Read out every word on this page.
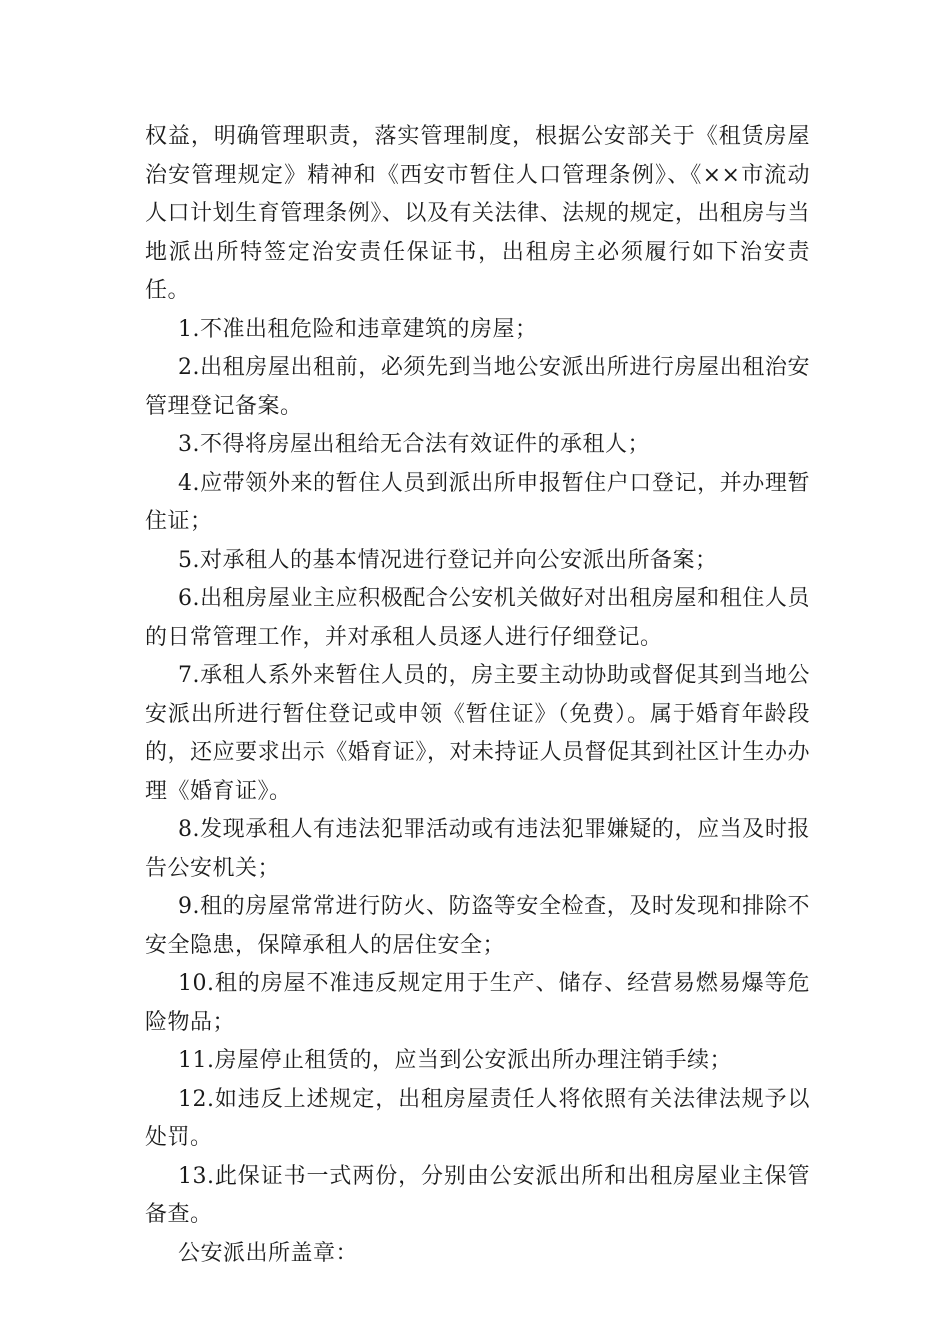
权益，明确管理职责，落实管理制度，根据公安部关于《租赁房屋治安管理规定》精神和《西安市暂住人口管理条例》、《××市流动人口计划生育管理条例》、以及有关法律、法规的规定，出租房与当地派出所特签定治安责任保证书，出租房主必须履行如下治安责任。

1.不准出租危险和违章建筑的房屋；

2.出租房屋出租前，必须先到当地公安派出所进行房屋出租治安管理登记备案。

3.不得将房屋出租给无合法有效证件的承租人；

4.应带领外来的暂住人员到派出所申报暂住户口登记，并办理暂住证；

5.对承租人的基本情况进行登记并向公安派出所备案；

6.出租房屋业主应积极配合公安机关做好对出租房屋和租住人员的日常管理工作，并对承租人员逐人进行仔细登记。

7.承租人系外来暂住人员的，房主要主动协助或督促其到当地公安派出所进行暂住登记或申领《暂住证》（免费）。属于婚育年龄段的，还应要求出示《婚育证》，对未持证人员督促其到社区计生办办理《婚育证》。

8.发现承租人有违法犯罪活动或有违法犯罪嫌疑的，应当及时报告公安机关；

9.租的房屋常常进行防火、防盗等安全检查，及时发现和排除不安全隐患，保障承租人的居住安全；

10.租的房屋不准违反规定用于生产、储存、经营易燃易爆等危险物品；

11.房屋停止租赁的，应当到公安派出所办理注销手续；

12.如违反上述规定，出租房屋责任人将依照有关法律法规予以处罚。

13.此保证书一式两份，分别由公安派出所和出租房屋业主保管备查。

公安派出所盖章：
